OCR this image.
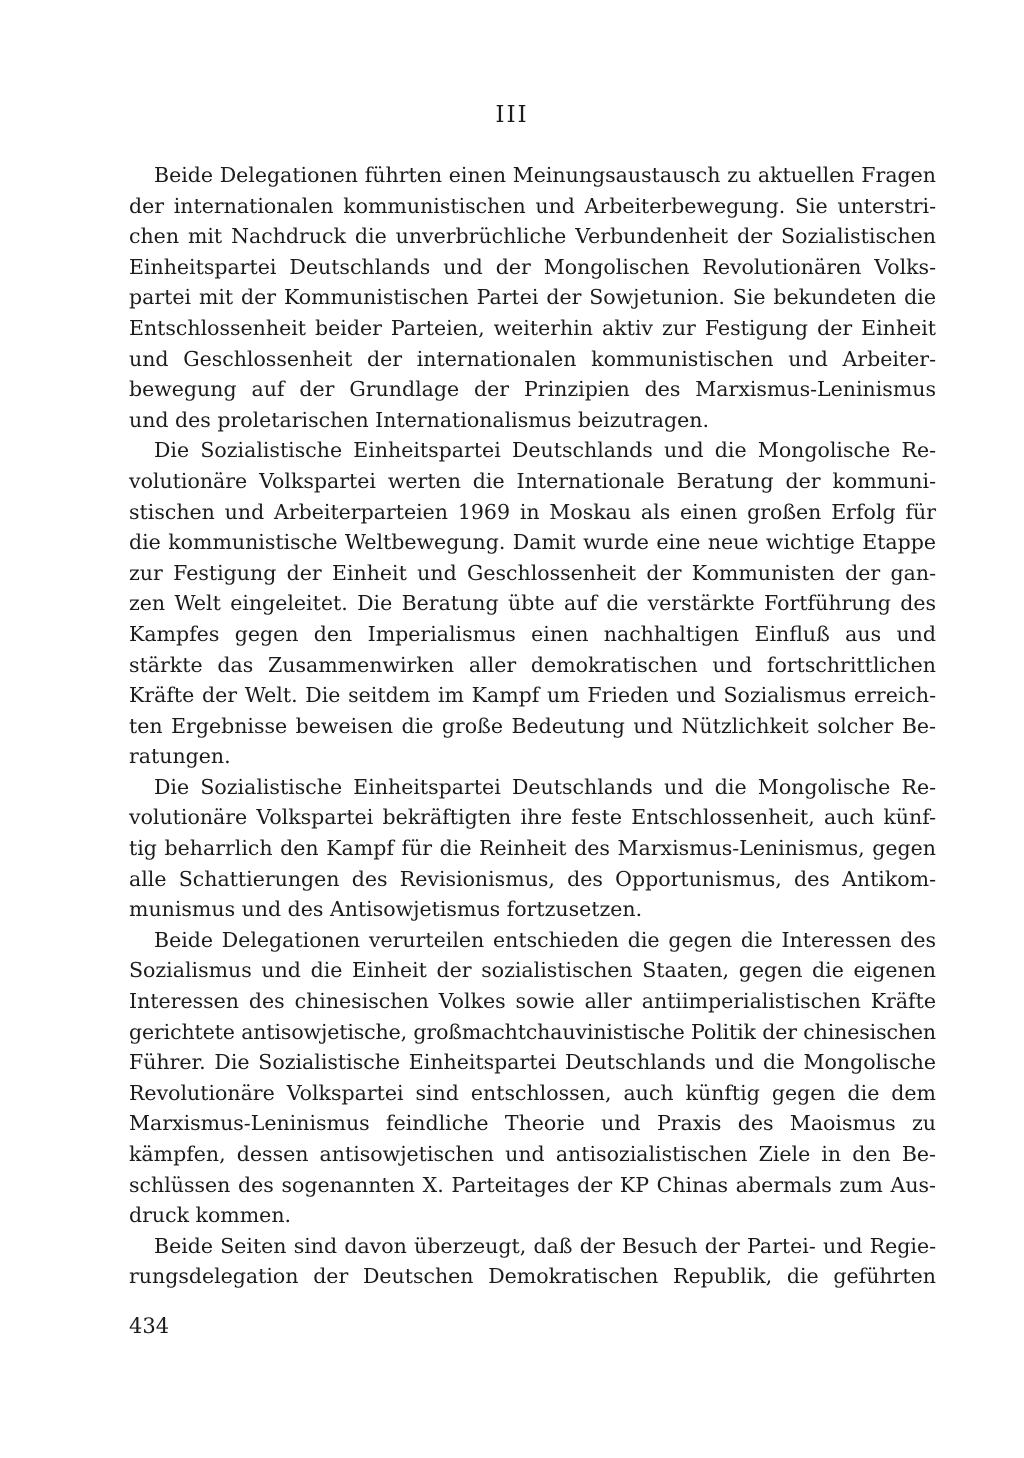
III

Beide Delegationen führten einen Meinungsaustausch zu aktuellen Fragen
der internationalen kommunistischen und Arbeiterbewegung. Sie unterstri-
chen mit Nachdruck die unverbrüchliche Verbundenheit der Sozialistischen
Einheitspartei Deutschlands und der Mongolischen Revolutionären Volks-
partei mit der Kommunistischen Partei der Sowjetunion. Sie bekundeten die
Entschlossenheit beider Parteien, weiterhin aktiv zur Festigung der Einheit
und Geschlossenheit der internationalen kommunistischen und Arbeiter-
bewegung auf der Grundlage der Prinzipien des Marxismus-Leninismus
und des proletarischen Internationalismus beizutragen.

Die Sozialistische Einheitspartei Deutschlands und die Mongolische Re-
volutionäre Volkspartei werten die Internationale Beratung der kommuni-
stischen und Arbeiterparteien 1969 in Moskau als einen großen Erfolg für
die kommunistische Weltbewegung. Damit wurde eine neue wichtige Etappe
zur Festigung der Einheit und Geschlossenheit der Kommunisten der gan-
zen Welt eingeleitet. Die Beratung übte auf die verstärkte Fortführung des
Kampfes gegen den Imperialismus einen nachhaltigen Einfluß aus und
stärkte das Zusammenwirken aller demokratischen und fortschrittlichen
Kräfte der Welt. Die seitdem im Kampf um Frieden und Sozialismus erreich-
ten Ergebnisse beweisen die große Bedeutung und Nützlichkeit solcher Be-
ratungen.

Die Sozialistische Einheitspartei Deutschlands und die Mongolische Re-
volutionäre Volkspartei bekräftigten ihre feste Entschlossenheit, auch künf-
tig beharrlich den Kampf für die Reinheit des Marxismus-Leninismus, gegen
alle Schattierungen des Revisionismus, des Opportunismus, des Antikom-
munismus und des Antisowjetismus fortzusetzen.

Beide Delegationen verurteilen entschieden die gegen die Interessen des
Sozialismus und die Einheit der sozialistischen Staaten, gegen die eigenen
Interessen des chinesischen Volkes sowie aller antiimperialistischen Kräfte
gerichtete antisowjetische, großmachtchauvinistische Politik der chinesischen
Führer. Die Sozialistische Einheitspartei Deutschlands und die Mongolische
Revolutionäre Volkspartei sind entschlossen, auch künftig gegen die dem
Marxismus-Leninismus feindliche Theorie und Praxis des Maoismus zu
kämpfen, dessen antisowjetischen und antisozialistischen Ziele in den Be-
schlüssen des sogenannten X. Parteitages der KP Chinas abermals zum Aus-
druck kommen.

Beide Seiten sind davon überzeugt, daß der Besuch der Partei- und Regie-
rungsdelegation der Deutschen Demokratischen Republik, die geführten

434
